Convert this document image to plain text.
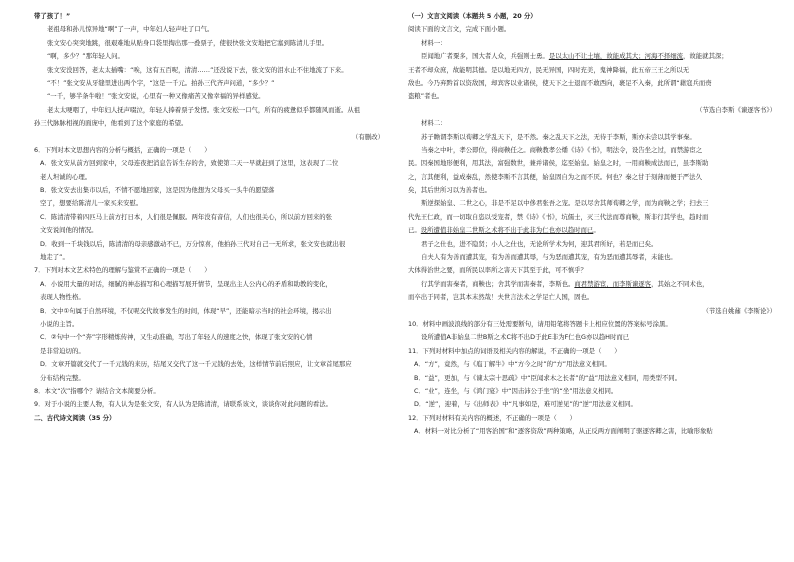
带了孩了！”
老祖母和孙儿惊异地“啊”了一声，中年妇人轻声吐了口气。
张文安心突突地跳，很艰难地从贴身口袋里掏出那一叠票子，使很快张文安地把它塞到陈清儿手里。
“啊，多少？”那年轻人问。
张文安没回答，老太太插嘴：“唉，这有五百呢，清清……”还没说下去，张文安的泪水止不住地流了下来。
“不！”张文安从牙缝里进出两个字，“这是一千元。拍孙三代齐声问道，“多少？”
“一千，够半条牛啦！”张文安说，心里有一种又像痛苦又像幸福的异样感觉。
老太太哽咽了，中年妇人抚声啜泣，年轻人捧着票子发愣。张文安松一口气，所有的疲惫似乎都随风而逝。从祖
孙三代脉脉相视的面庞中，他看到了这个家庭的希望。
（有删改）
6．下列对本文思想内容的分析与概括，正确的一项是（　　）
A．张文安从前方回到家中，父母连夜把消息告诉生存的舍，致使第二天一早就赶到了这里，这表现了二位
老人坦诚的心理。
B．张文安去出集市以后，不情不愿地回家，这是因为他想为父母买一头牛的愿望落
空了，想要给陈清儿一家买来安慰。
C．陈清清带着四匹马上前方打日本，人们很是佩服。两年没有音信，人们也很关心，所以前方回来的张
文安说间他的情况。
D．收到一千块钱以后，陈清清的母亲感激动不已，万分惊喜，他拍孙三代对自己一无所求，张文安也就出很
地走了”。
7．下列对本文艺术特色的理解与鉴赏不正确的一项是（　　）
A．小说用大量的对话，细腻的神态描写和心理描写展开情节，呈现出主人公内心的矛盾和助教的变化，
表现人物性格。
B．文中①句属于自然环境，不仅呢交代故事发生的时间，体现“早”，还能暗示当时的社会环境，揭示出
小说的主旨。
C．②句中一个“奔”字形精炼传神，又生动准确，写出了年轻人的速度之快，体现了张文安的心情
是非常迫切的。
D．文章开篇就交代了一千元钱的来历，结尾又交代了这一千元钱的去处，这样情节前后照应，让文章首尾那应
分布结构完整。
8．本文“次”指哪个？请结合文本简要分析。
9．对于小说的主要人物，有人认为是张文安，有人认为是陈清清，请联系该文，谈谈你对此问题的看法。
二、古代诗文阅读（35 分）
（一）文言文阅读（本题共 5 小题，20 分）
阅读下面的文言文，完成下面小题。
材料一：
臣闻地广者粟多，国大者人众，兵强则士勇。是以太山不让土壤，故能成其大；河海不择细流，故能就其深；
王者不却众庶，故能明其德。是以地无四方，民无异国，四时充美，鬼神降福，此五帝三王之所以无
敌也。今乃弃黔首以资敌国，却宾客以业诸侯，使天下之士退而不敢西向，裹足不入秦，此所谓“藉寇兵而赍
盗粮”者也。
（节选自李斯《谏逐客书》）
材料二：
苏子瞻谓李斯以荀卿之学乱天下，是不然。秦之乱天下之法，无待于李斯，斯亦未尝以其学事秦。
当秦之中叶，孝公即位，得商鞅任之。商鞅教孝公燔《诗》《书》，明法令，设告坐之过，而禁游宦之
民。因秦国地形便利，用其法，富强数世，兼并诸侯，迄至始皇。始皇之时，一用商鞅成法而已，虽李斯助
之，言其便利，益成秦乱，然使李斯不言其便，始皇固自为之而不厌。何也？秦之甘于刻薄而便于严法久
矣，其后世所习以为善者也。
斯逆探始皇、二世之心，非是不足以中侈君张吾之宠。是以尽舍其师荀卿之学，而为商鞅之学；扫去三
代先王仁政，而一切取自恣以受宠者，禁《诗》《书》，坑儒士，灭三代法而尊商鞅，斯非行其学也，趋时而
已。设所遭值非始皇二世斯之术将不出于此非为仁也亦以趋时而已。
君子之仕也，进不隐贤；小人之仕也，无论所学术为何，迎其君所好，若是而已矣。
自夫人有为善而遭其宠，有为善而遭其辱，与为恶而遭其宠，有为恶而遭其辱者，未能也。
大体得治世之要，而所民以率所之害天下其至于此，可不慎乎？
行其学而害秦者，商鞅也；舍其学而害秦者，李斯也。商君禁游宦，而李斯谏逐客，其始之不同术也，
而卒出于同者，岂其本末然哉！夫世言法术之学足亡人国，固也。
（节选自姚鼐《李斯论》）
10．材料中画波浪线的部分有三处需要断句，请用铅笔将答题卡上相应位置的答案标号涂黑。
设所遭值A非始皇二世B斯之术C将不出D于此E非为F仁也G亦以趋H时而已
11．下列对材料中加点的词语及相关内容的解说，不正确的一项是（　　）
A．“方”，竟然，与《庖丁解牛》中“方今之时”的“方”用法意义相同。
B．“益”，更加，与《谏太宗十思疏》中“臣闻求木之长者”的“益”用法意义相同，用类型不同。
C．“业”，连坐，与《鸿门宴》中“因击沛公于坐”的“坐”用法意义相同。
D．“逆”，迎着，与《出师表》中“凡事如是，难可逆见”的“逆”用法意义相同。
12．下列对材料有关内容的概述，不正确的一项是（　　）
A．材料一对比分析了“用客治国”和“逐客资敌”两种策略，从正反两方面阐明了驱逐客卿之害，比喻形象贴
